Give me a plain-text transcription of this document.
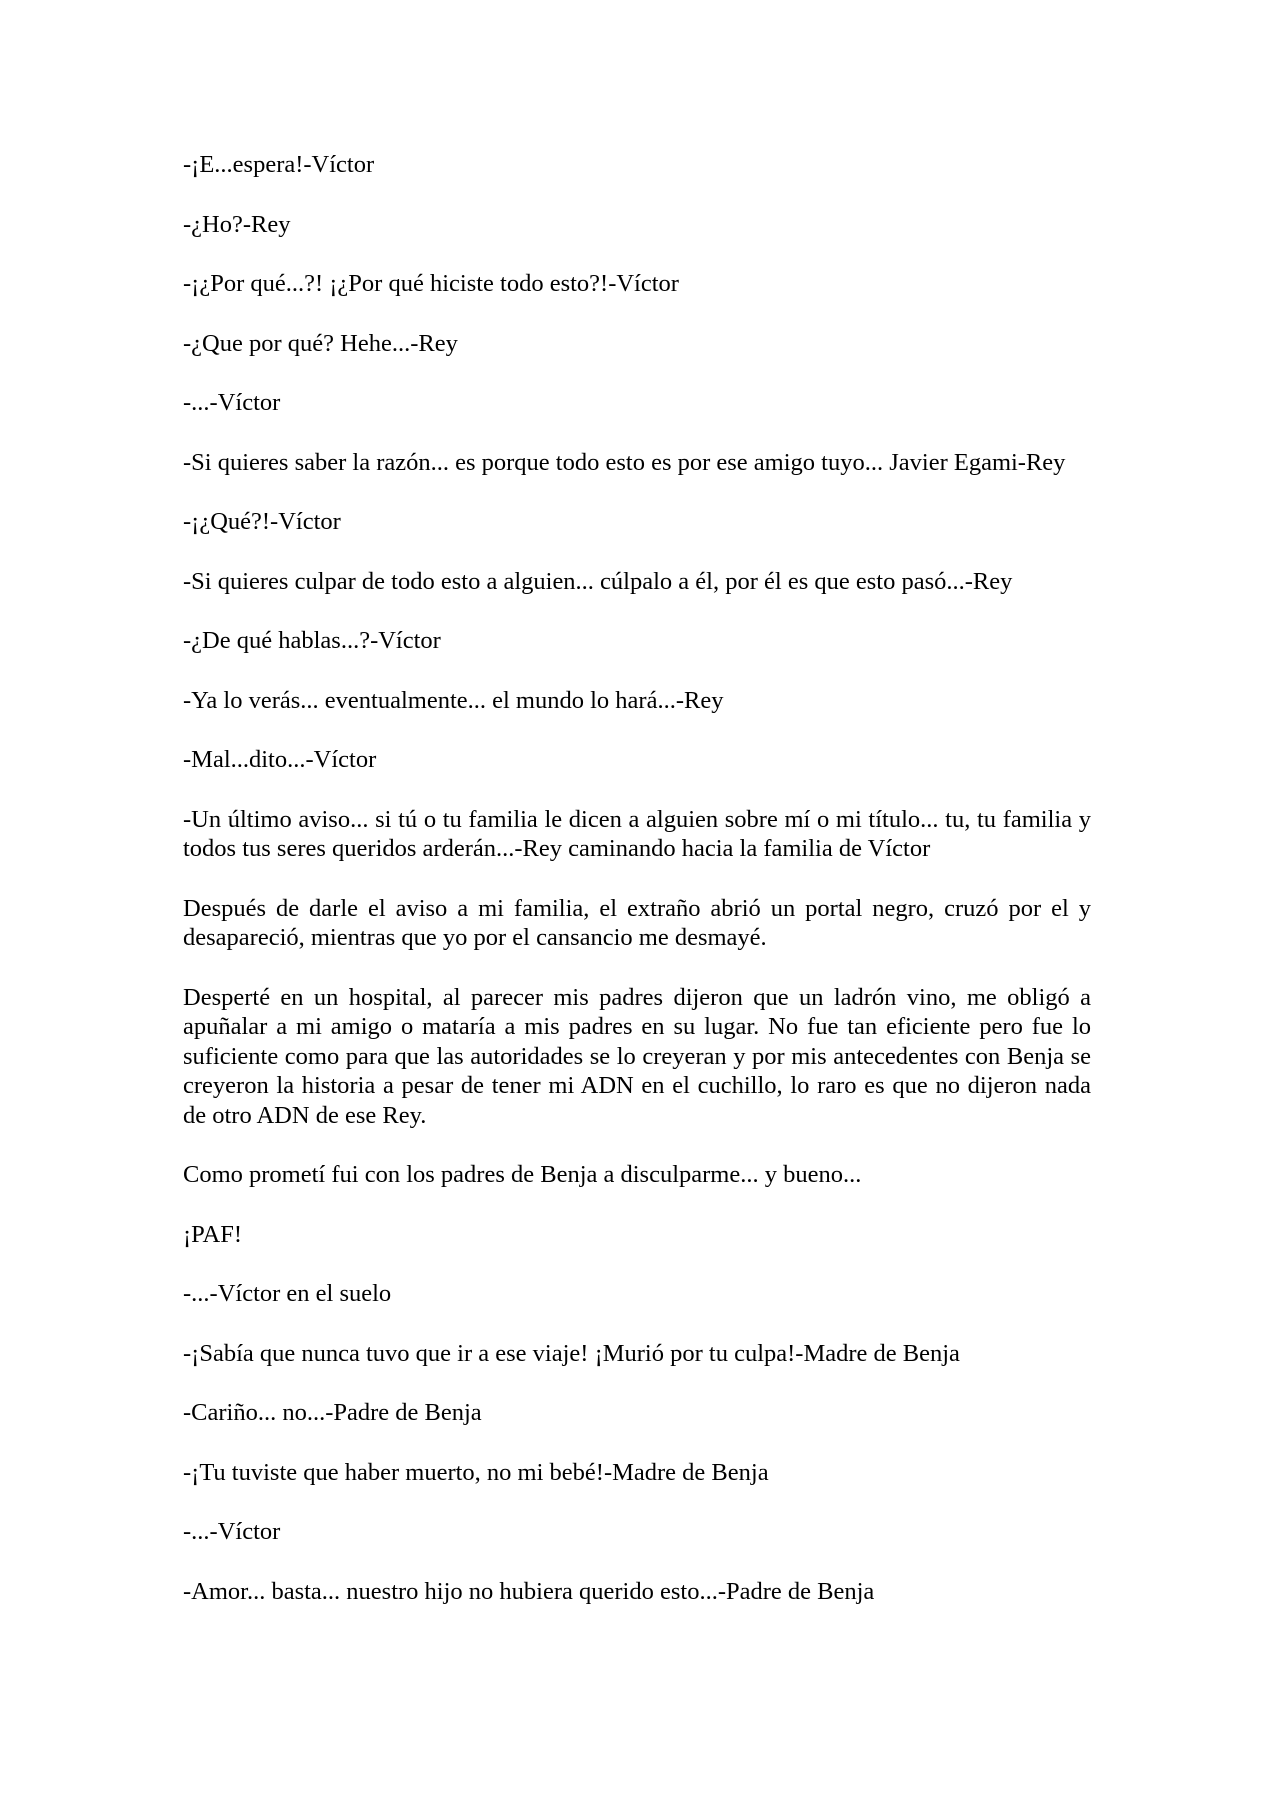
-¡E...espera!-Víctor

-¿Ho?-Rey

-¡¿Por qué...?! ¡¿Por qué hiciste todo esto?!-Víctor

-¿Que por qué? Hehe...-Rey

-...-Víctor

-Si quieres saber la razón... es porque todo esto es por ese amigo tuyo... Javier Egami-Rey

-¡¿Qué?!-Víctor

-Si quieres culpar de todo esto a alguien... cúlpalo a él, por él es que esto pasó...-Rey

-¿De qué hablas...?-Víctor

-Ya lo verás... eventualmente... el mundo lo hará...-Rey

-Mal...dito...-Víctor

-Un último aviso... si tú o tu familia le dicen a alguien sobre mí o mi título... tu, tu familia y todos tus seres queridos arderán...-Rey caminando hacia la familia de Víctor

Después de darle el aviso a mi familia, el extraño abrió un portal negro, cruzó por el y desapareció, mientras que yo por el cansancio me desmayé.

Desperté en un hospital, al parecer mis padres dijeron que un ladrón vino, me obligó a apuñalar a mi amigo o mataría a mis padres en su lugar. No fue tan eficiente pero fue lo suficiente como para que las autoridades se lo creyeran y por mis antecedentes con Benja se creyeron la historia a pesar de tener mi ADN en el cuchillo, lo raro es que no dijeron nada de otro ADN de ese Rey.

Como prometí fui con los padres de Benja a disculparme... y bueno...

¡PAF!

-...-Víctor en el suelo

-¡Sabía que nunca tuvo que ir a ese viaje! ¡Murió por tu culpa!-Madre de Benja

-Cariño... no...-Padre de Benja

-¡Tu tuviste que haber muerto, no mi bebé!-Madre de Benja

-...-Víctor

-Amor... basta... nuestro hijo no hubiera querido esto...-Padre de Benja
